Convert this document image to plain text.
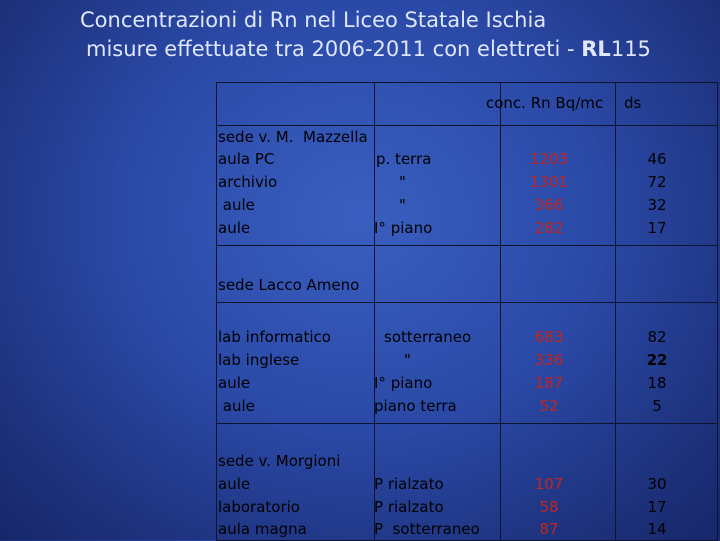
Concentrazioni di Rn nel Liceo Statale Ischia
misure effettuate tra 2006-2011 con elettreti - RL115
conc. Rn Bq/mc ds
sede v. M.  Mazzella
aula PC	p. terra	1203	46
archivio	"	1301	72
aule	"	366	32
aule	I° piano	282	17
sede Lacco Ameno
lab informatico	sotterraneo	683	82
lab inglese	"	336	22
aule	I° piano	187	18
aule	piano terra	52	5
sede v. Morgioni
aule	P rialzato	107	30
laboratorio	P rialzato	58	17
aula magna	P  sotterraneo	87	14
